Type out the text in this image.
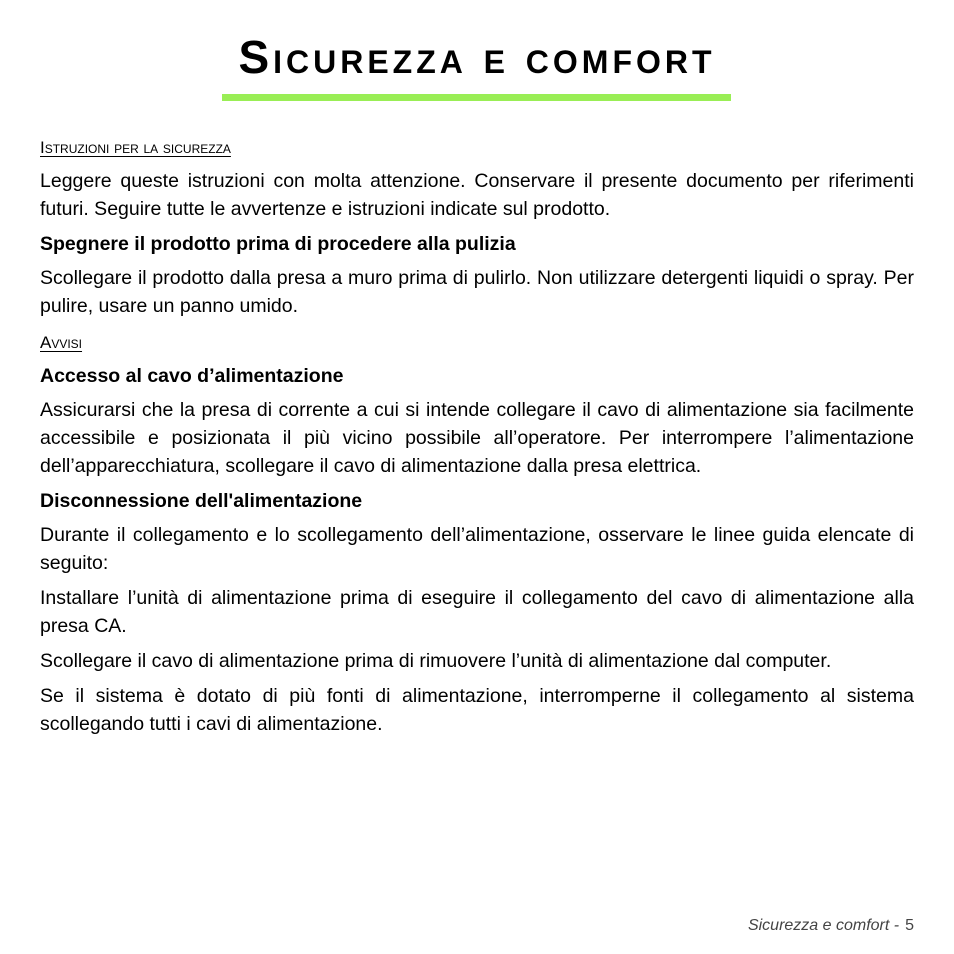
Sicurezza e comfort
Istruzioni per la sicurezza

Leggere queste istruzioni con molta attenzione. Conservare il presente documento per riferimenti futuri. Seguire tutte le avvertenze e istruzioni indicate sul prodotto.

Spegnere il prodotto prima di procedere alla pulizia

Scollegare il prodotto dalla presa a muro prima di pulirlo. Non utilizzare detergenti liquidi o spray. Per pulire, usare un panno umido.

Avvisi

Accesso al cavo d’alimentazione

Assicurarsi che la presa di corrente a cui si intende collegare il cavo di alimentazione sia facilmente accessibile e posizionata il più vicino possibile all’operatore. Per interrompere l’alimentazione dell’apparecchiatura, scollegare il cavo di alimentazione dalla presa elettrica.

Disconnessione dell'alimentazione

Durante il collegamento e lo scollegamento dell’alimentazione, osservare le linee guida elencate di seguito:

Installare l’unità di alimentazione prima di eseguire il collegamento del cavo di alimentazione alla presa CA.

Scollegare il cavo di alimentazione prima di rimuovere l’unità di alimentazione dal computer.

Se il sistema è dotato di più fonti di alimentazione, interromperne il collegamento al sistema scollegando tutti i cavi di alimentazione.

Sicurezza e comfort - 5
